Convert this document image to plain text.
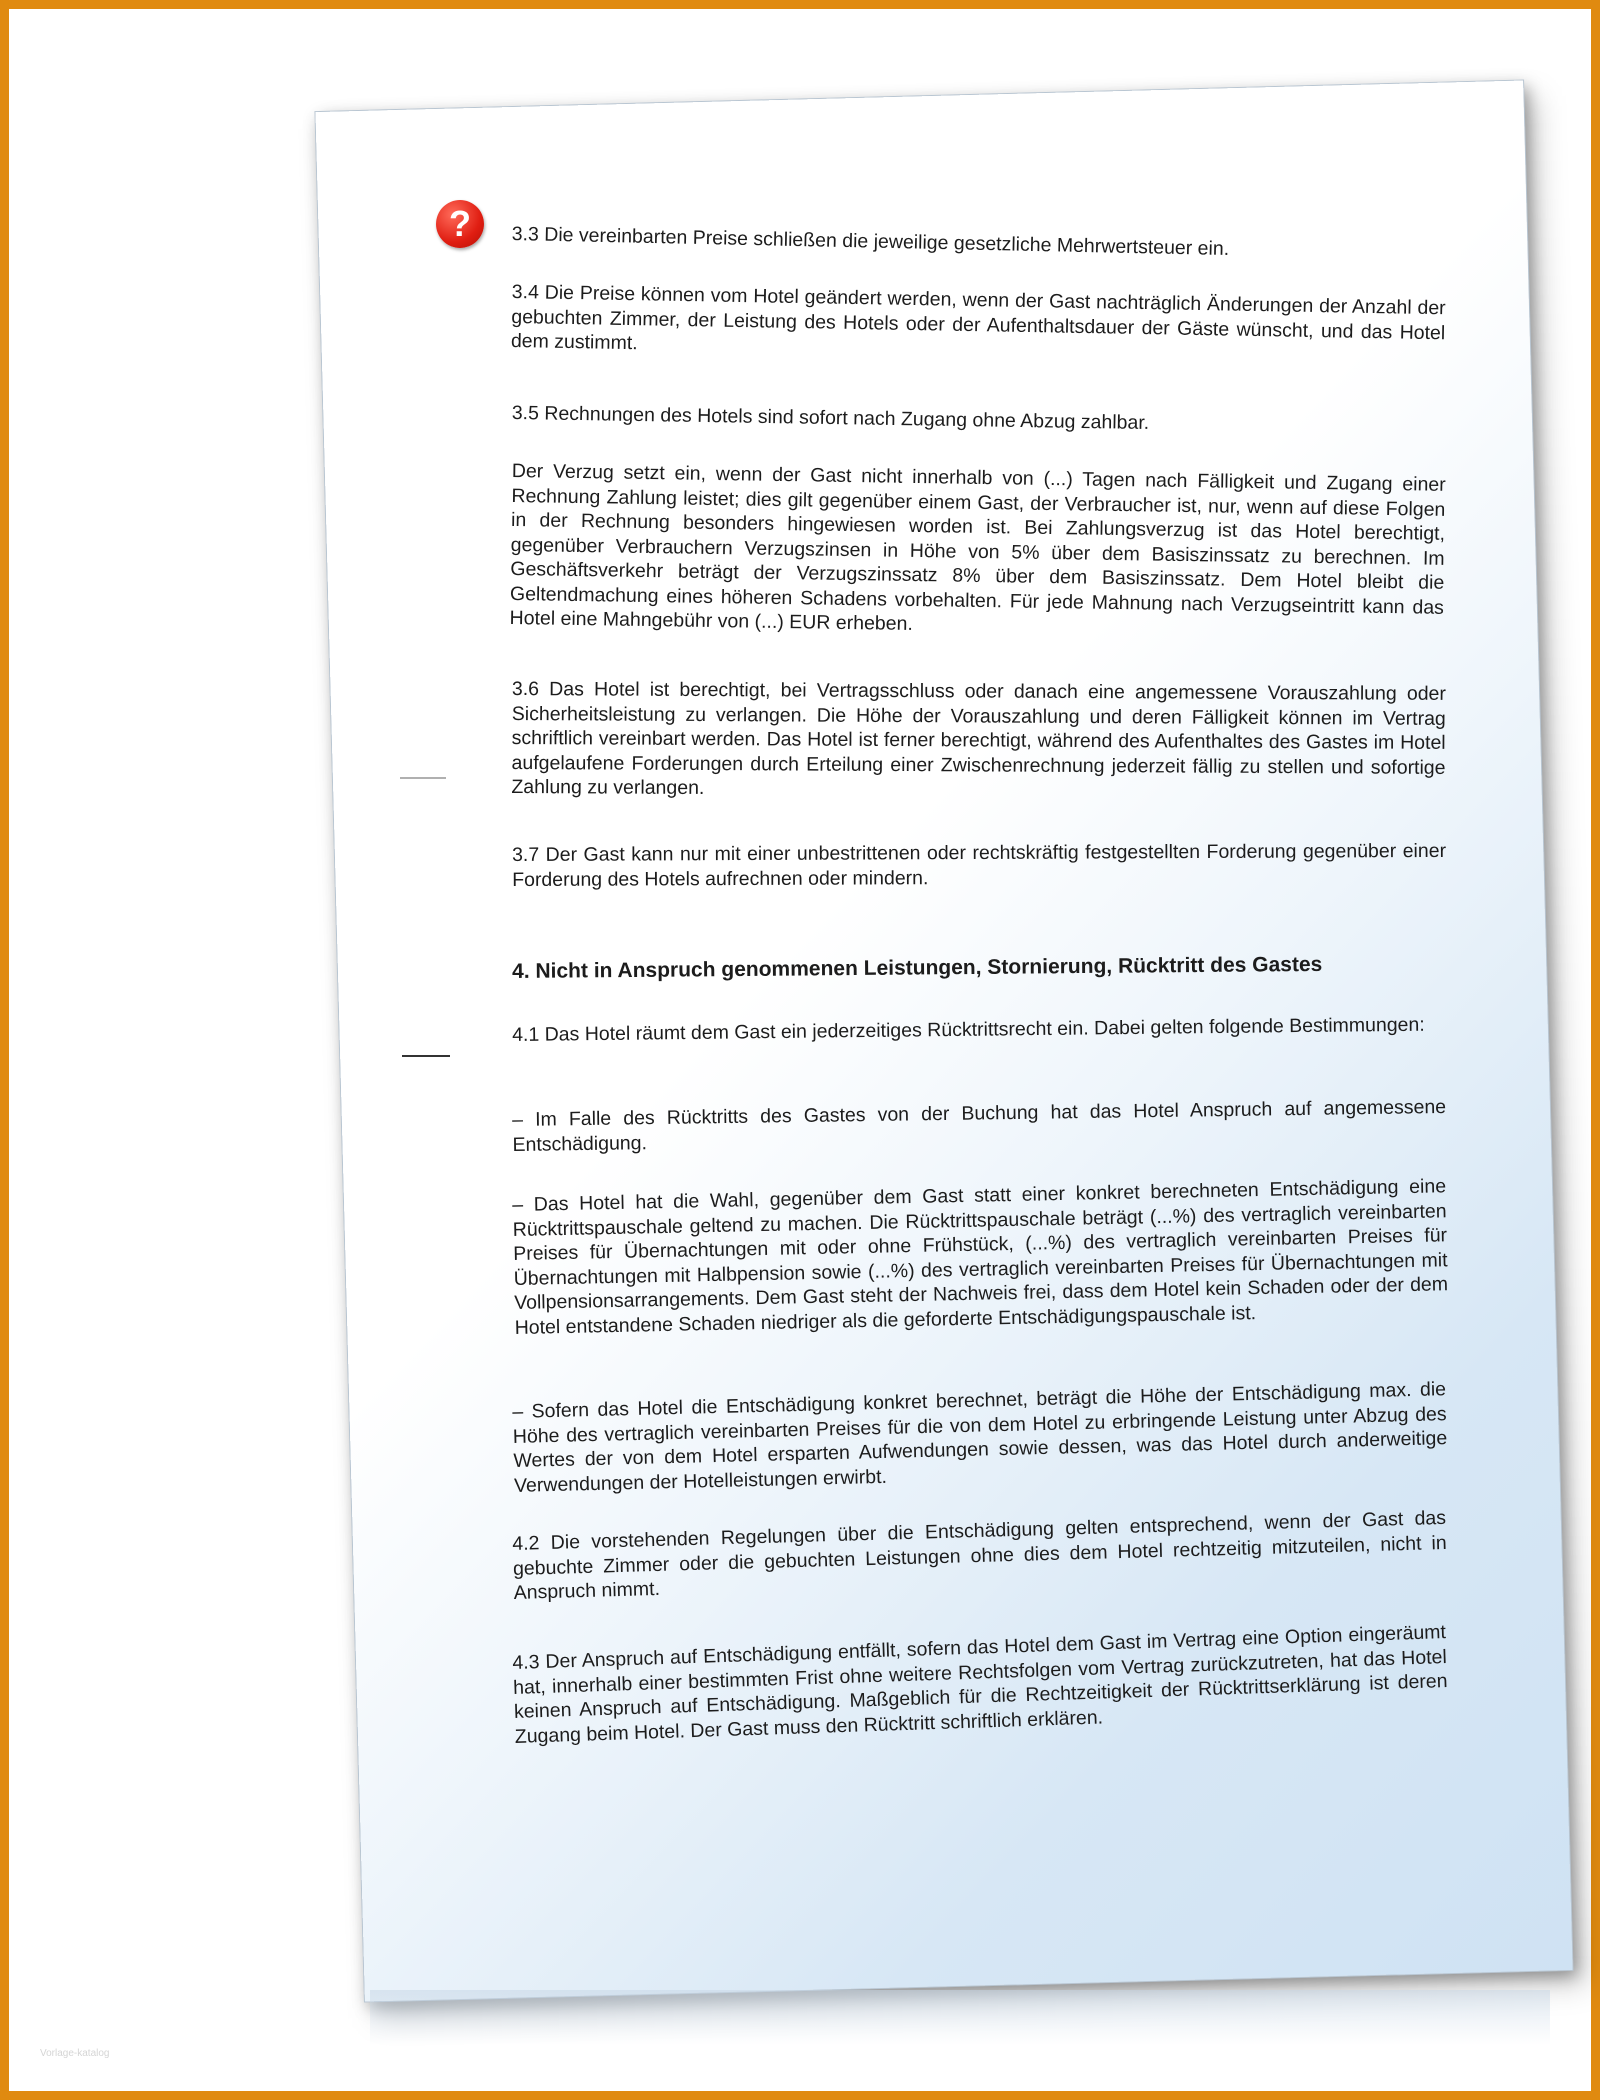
?	3.3 Die vereinbarten Preise schließen die jeweilige gesetzliche Mehrwertsteuer ein.
3.4 Die Preise können vom Hotel geändert werden, wenn der Gast nachträglich Änderungen der Anzahl der gebuchten Zimmer, der Leistung des Hotels oder der Aufenthaltsdauer der Gäste wünscht, und das Hotel dem zustimmt.
3.5 Rechnungen des Hotels sind sofort nach Zugang ohne Abzug zahlbar.
Der Verzug setzt ein, wenn der Gast nicht innerhalb von (...) Tagen nach Fälligkeit und Zugang einer Rechnung Zahlung leistet; dies gilt gegenüber einem Gast, der Verbraucher ist, nur, wenn auf diese Folgen in der Rechnung besonders hingewiesen worden ist. Bei Zahlungsverzug ist das Hotel berechtigt, gegenüber Verbrauchern Verzugszinsen in Höhe von 5% über dem Basiszinssatz zu berechnen. Im Geschäftsverkehr beträgt der Verzugszinssatz 8% über dem Basiszinssatz. Dem Hotel bleibt die Geltendmachung eines höheren Schadens vorbehalten. Für jede Mahnung nach Verzugseintritt kann das Hotel eine Mahngebühr von (...) EUR erheben.
3.6 Das Hotel ist berechtigt, bei Vertragsschluss oder danach eine angemessene Vorauszahlung oder Sicherheitsleistung zu verlangen. Die Höhe der Vorauszahlung und deren Fälligkeit können im Vertrag schriftlich vereinbart werden. Das Hotel ist ferner berechtigt, während des Aufenthaltes des Gastes im Hotel aufgelaufene Forderungen durch Erteilung einer Zwischenrechnung jederzeit fällig zu stellen und sofortige Zahlung zu verlangen.
3.7 Der Gast kann nur mit einer unbestrittenen oder rechtskräftig festgestellten Forderung gegenüber einer Forderung des Hotels aufrechnen oder mindern.
4. Nicht in Anspruch genommenen Leistungen, Stornierung, Rücktritt des Gastes
4.1 Das Hotel räumt dem Gast ein jederzeitiges Rücktrittsrecht ein. Dabei gelten folgende Bestimmungen:
– Im Falle des Rücktritts des Gastes von der Buchung hat das Hotel Anspruch auf angemessene Entschädigung.
– Das Hotel hat die Wahl, gegenüber dem Gast statt einer konkret berechneten Entschädigung eine Rücktrittspauschale geltend zu machen. Die Rücktrittspauschale beträgt (...%) des vertraglich vereinbarten Preises für Übernachtungen mit oder ohne Frühstück, (...%) des vertraglich vereinbarten Preises für Übernachtungen mit Halbpension sowie (...%) des vertraglich vereinbarten Preises für Übernachtungen mit Vollpensionsarrangements. Dem Gast steht der Nachweis frei, dass dem Hotel kein Schaden oder der dem Hotel entstandene Schaden niedriger als die geforderte Entschädigungspauschale ist.
– Sofern das Hotel die Entschädigung konkret berechnet, beträgt die Höhe der Entschädigung max. die Höhe des vertraglich vereinbarten Preises für die von dem Hotel zu erbringende Leistung unter Abzug des Wertes der von dem Hotel ersparten Aufwendungen sowie dessen, was das Hotel durch anderweitige Verwendungen der Hotelleistungen erwirbt.
4.2 Die vorstehenden Regelungen über die Entschädigung gelten entsprechend, wenn der Gast das gebuchte Zimmer oder die gebuchten Leistungen ohne dies dem Hotel rechtzeitig mitzuteilen, nicht in Anspruch nimmt.
4.3 Der Anspruch auf Entschädigung entfällt, sofern das Hotel dem Gast im Vertrag eine Option eingeräumt hat, innerhalb einer bestimmten Frist ohne weitere Rechtsfolgen vom Vertrag zurückzutreten, hat das Hotel keinen Anspruch auf Entschädigung. Maßgeblich für die Rechtzeitigkeit der Rücktrittserklärung ist deren Zugang beim Hotel. Der Gast muss den Rücktritt schriftlich erklären.
Vorlage-katalog
